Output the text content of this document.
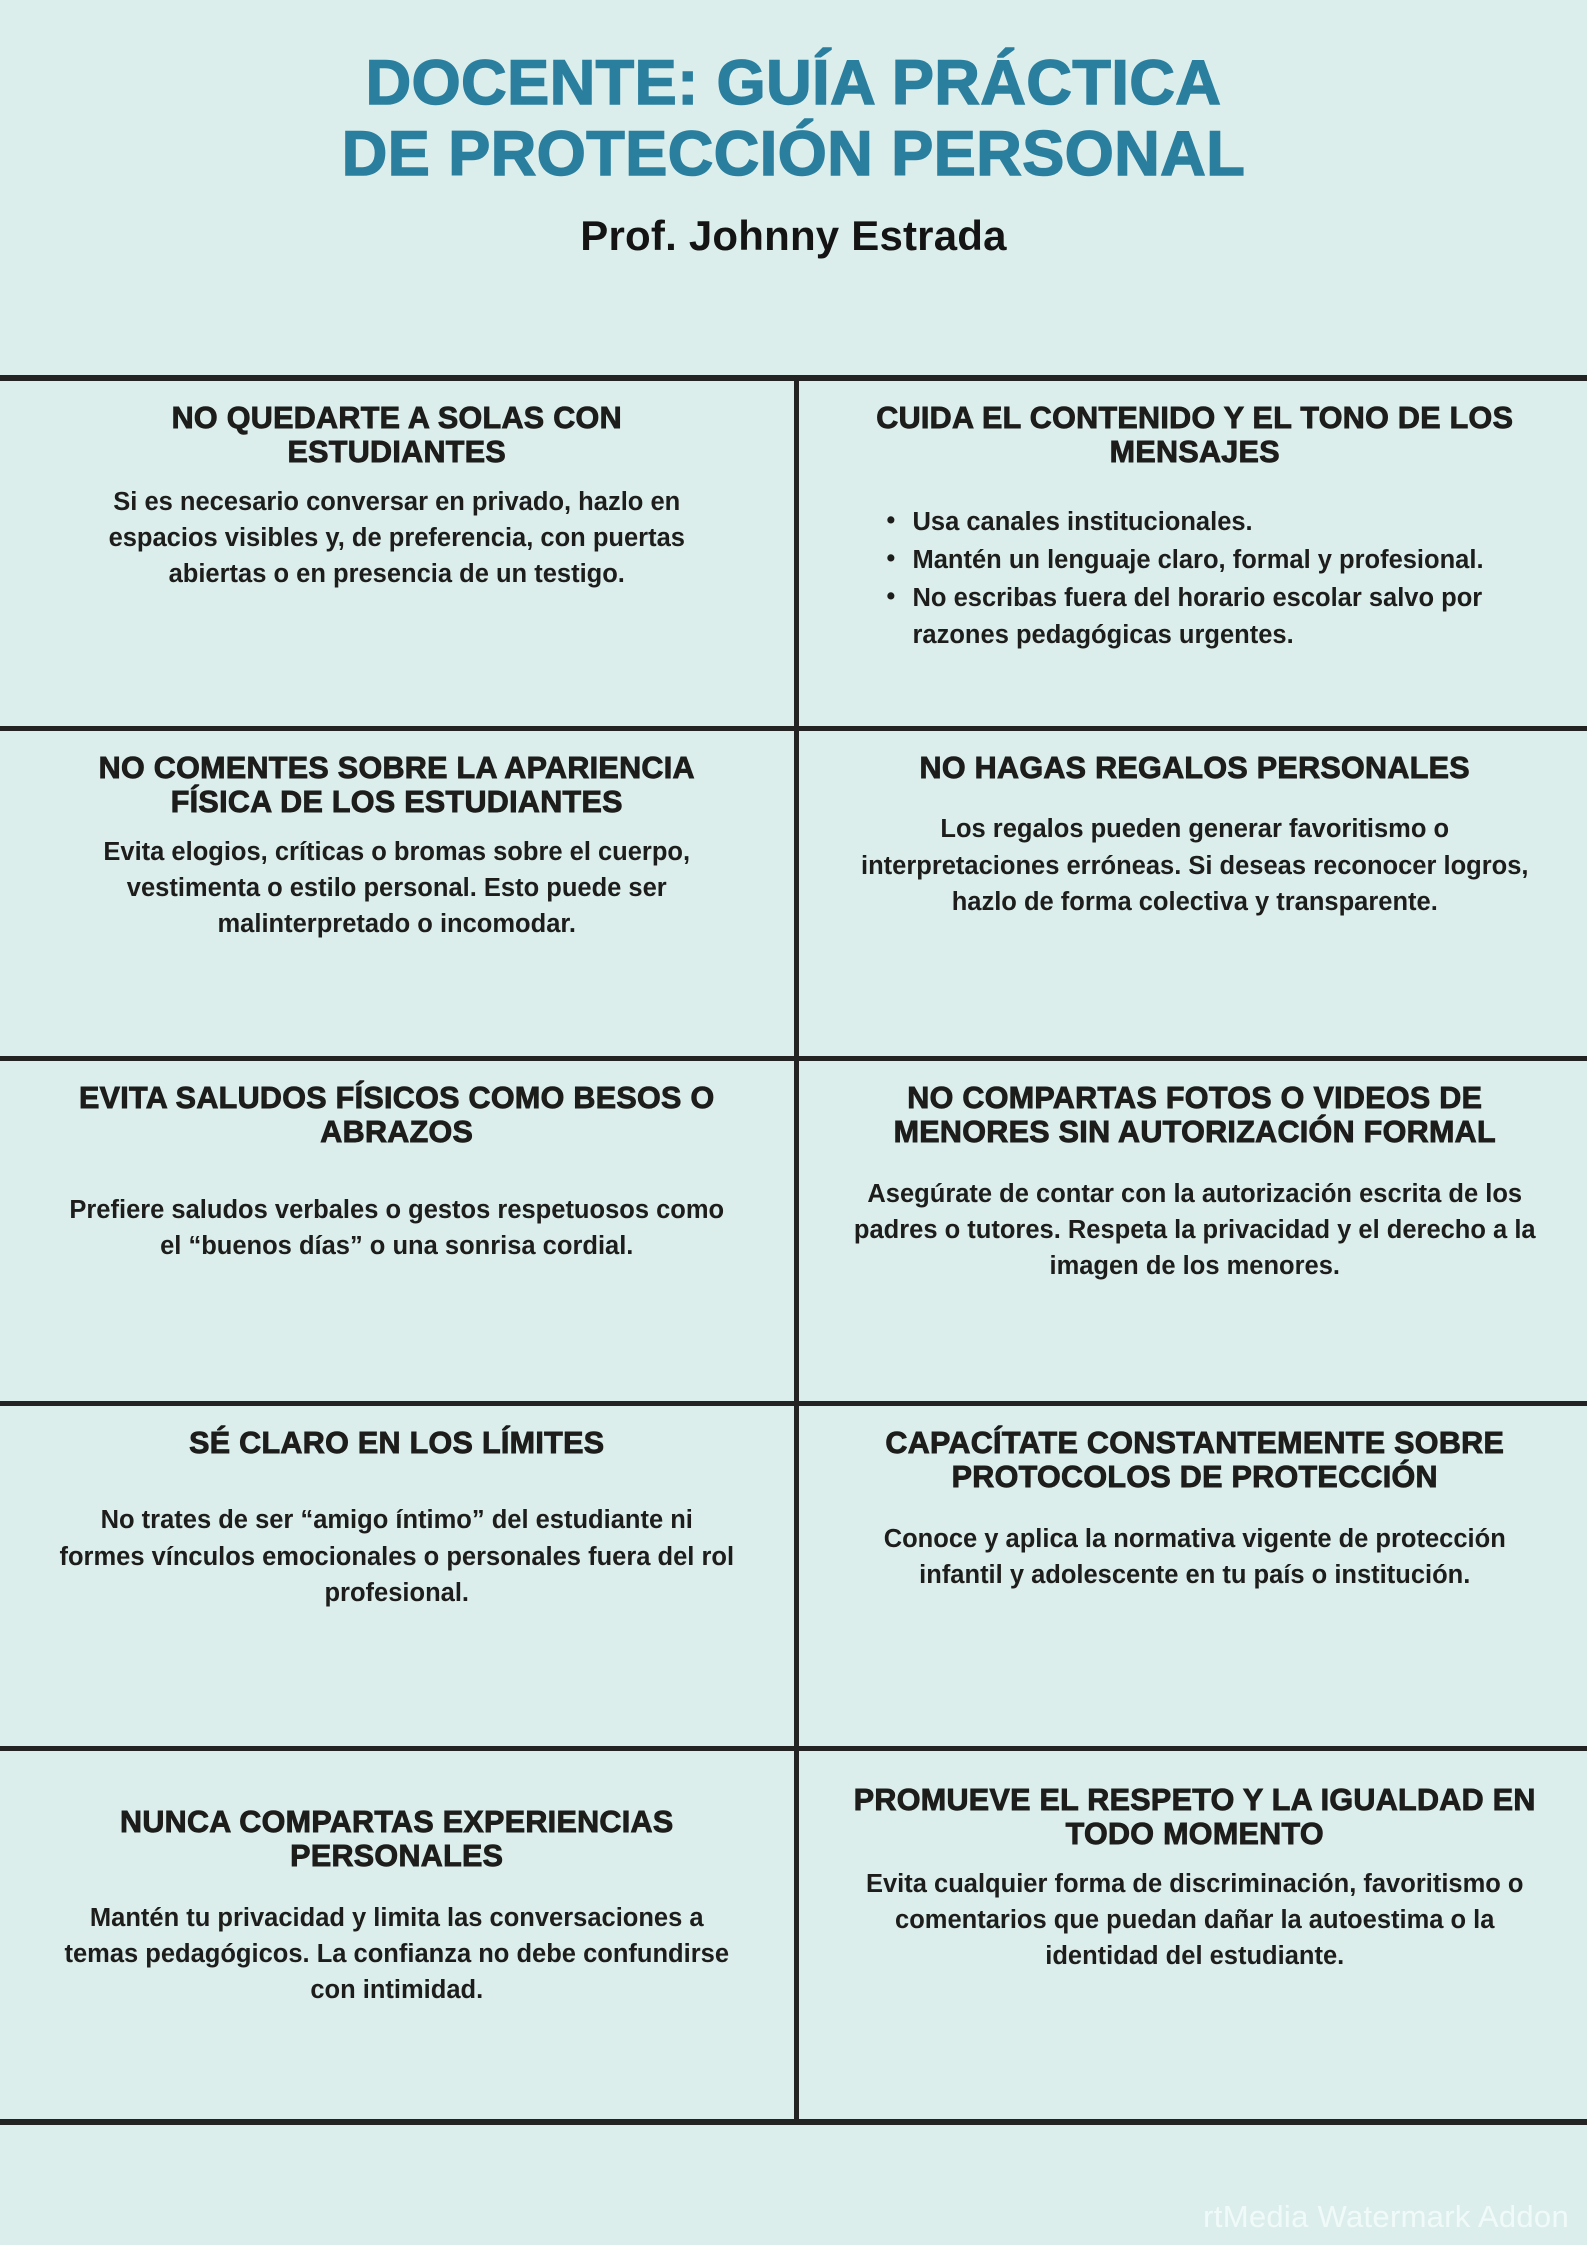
DOCENTE: GUÍA PRÁCTICA
DE PROTECCIÓN PERSONAL
Prof. Johnny Estrada
NO QUEDARTE A SOLAS CON ESTUDIANTES
Si es necesario conversar en privado, hazlo en espacios visibles y, de preferencia, con puertas abiertas o en presencia de un testigo.
CUIDA EL CONTENIDO Y EL TONO DE LOS MENSAJES
• Usa canales institucionales.
• Mantén un lenguaje claro, formal y profesional.
• No escribas fuera del horario escolar salvo por razones pedagógicas urgentes.
NO COMENTES SOBRE LA APARIENCIA FÍSICA DE LOS ESTUDIANTES
Evita elogios, críticas o bromas sobre el cuerpo, vestimenta o estilo personal. Esto puede ser malinterpretado o incomodar.
NO HAGAS REGALOS PERSONALES
Los regalos pueden generar favoritismo o interpretaciones erróneas. Si deseas reconocer logros, hazlo de forma colectiva y transparente.
EVITA SALUDOS FÍSICOS COMO BESOS O ABRAZOS
Prefiere saludos verbales o gestos respetuosos como el “buenos días” o una sonrisa cordial.
NO COMPARTAS FOTOS O VIDEOS DE MENORES SIN AUTORIZACIÓN FORMAL
Asegúrate de contar con la autorización escrita de los padres o tutores. Respeta la privacidad y el derecho a la imagen de los menores.
SÉ CLARO EN LOS LÍMITES
No trates de ser “amigo íntimo” del estudiante ni formes vínculos emocionales o personales fuera del rol profesional.
CAPACÍTATE CONSTANTEMENTE SOBRE PROTOCOLOS DE PROTECCIÓN
Conoce y aplica la normativa vigente de protección infantil y adolescente en tu país o institución.
NUNCA COMPARTAS EXPERIENCIAS PERSONALES
Mantén tu privacidad y limita las conversaciones a temas pedagógicos. La confianza no debe confundirse con intimidad.
PROMUEVE EL RESPETO Y LA IGUALDAD EN TODO MOMENTO
Evita cualquier forma de discriminación, favoritismo o comentarios que puedan dañar la autoestima o la identidad del estudiante.
rtMedia Watermark Addon
